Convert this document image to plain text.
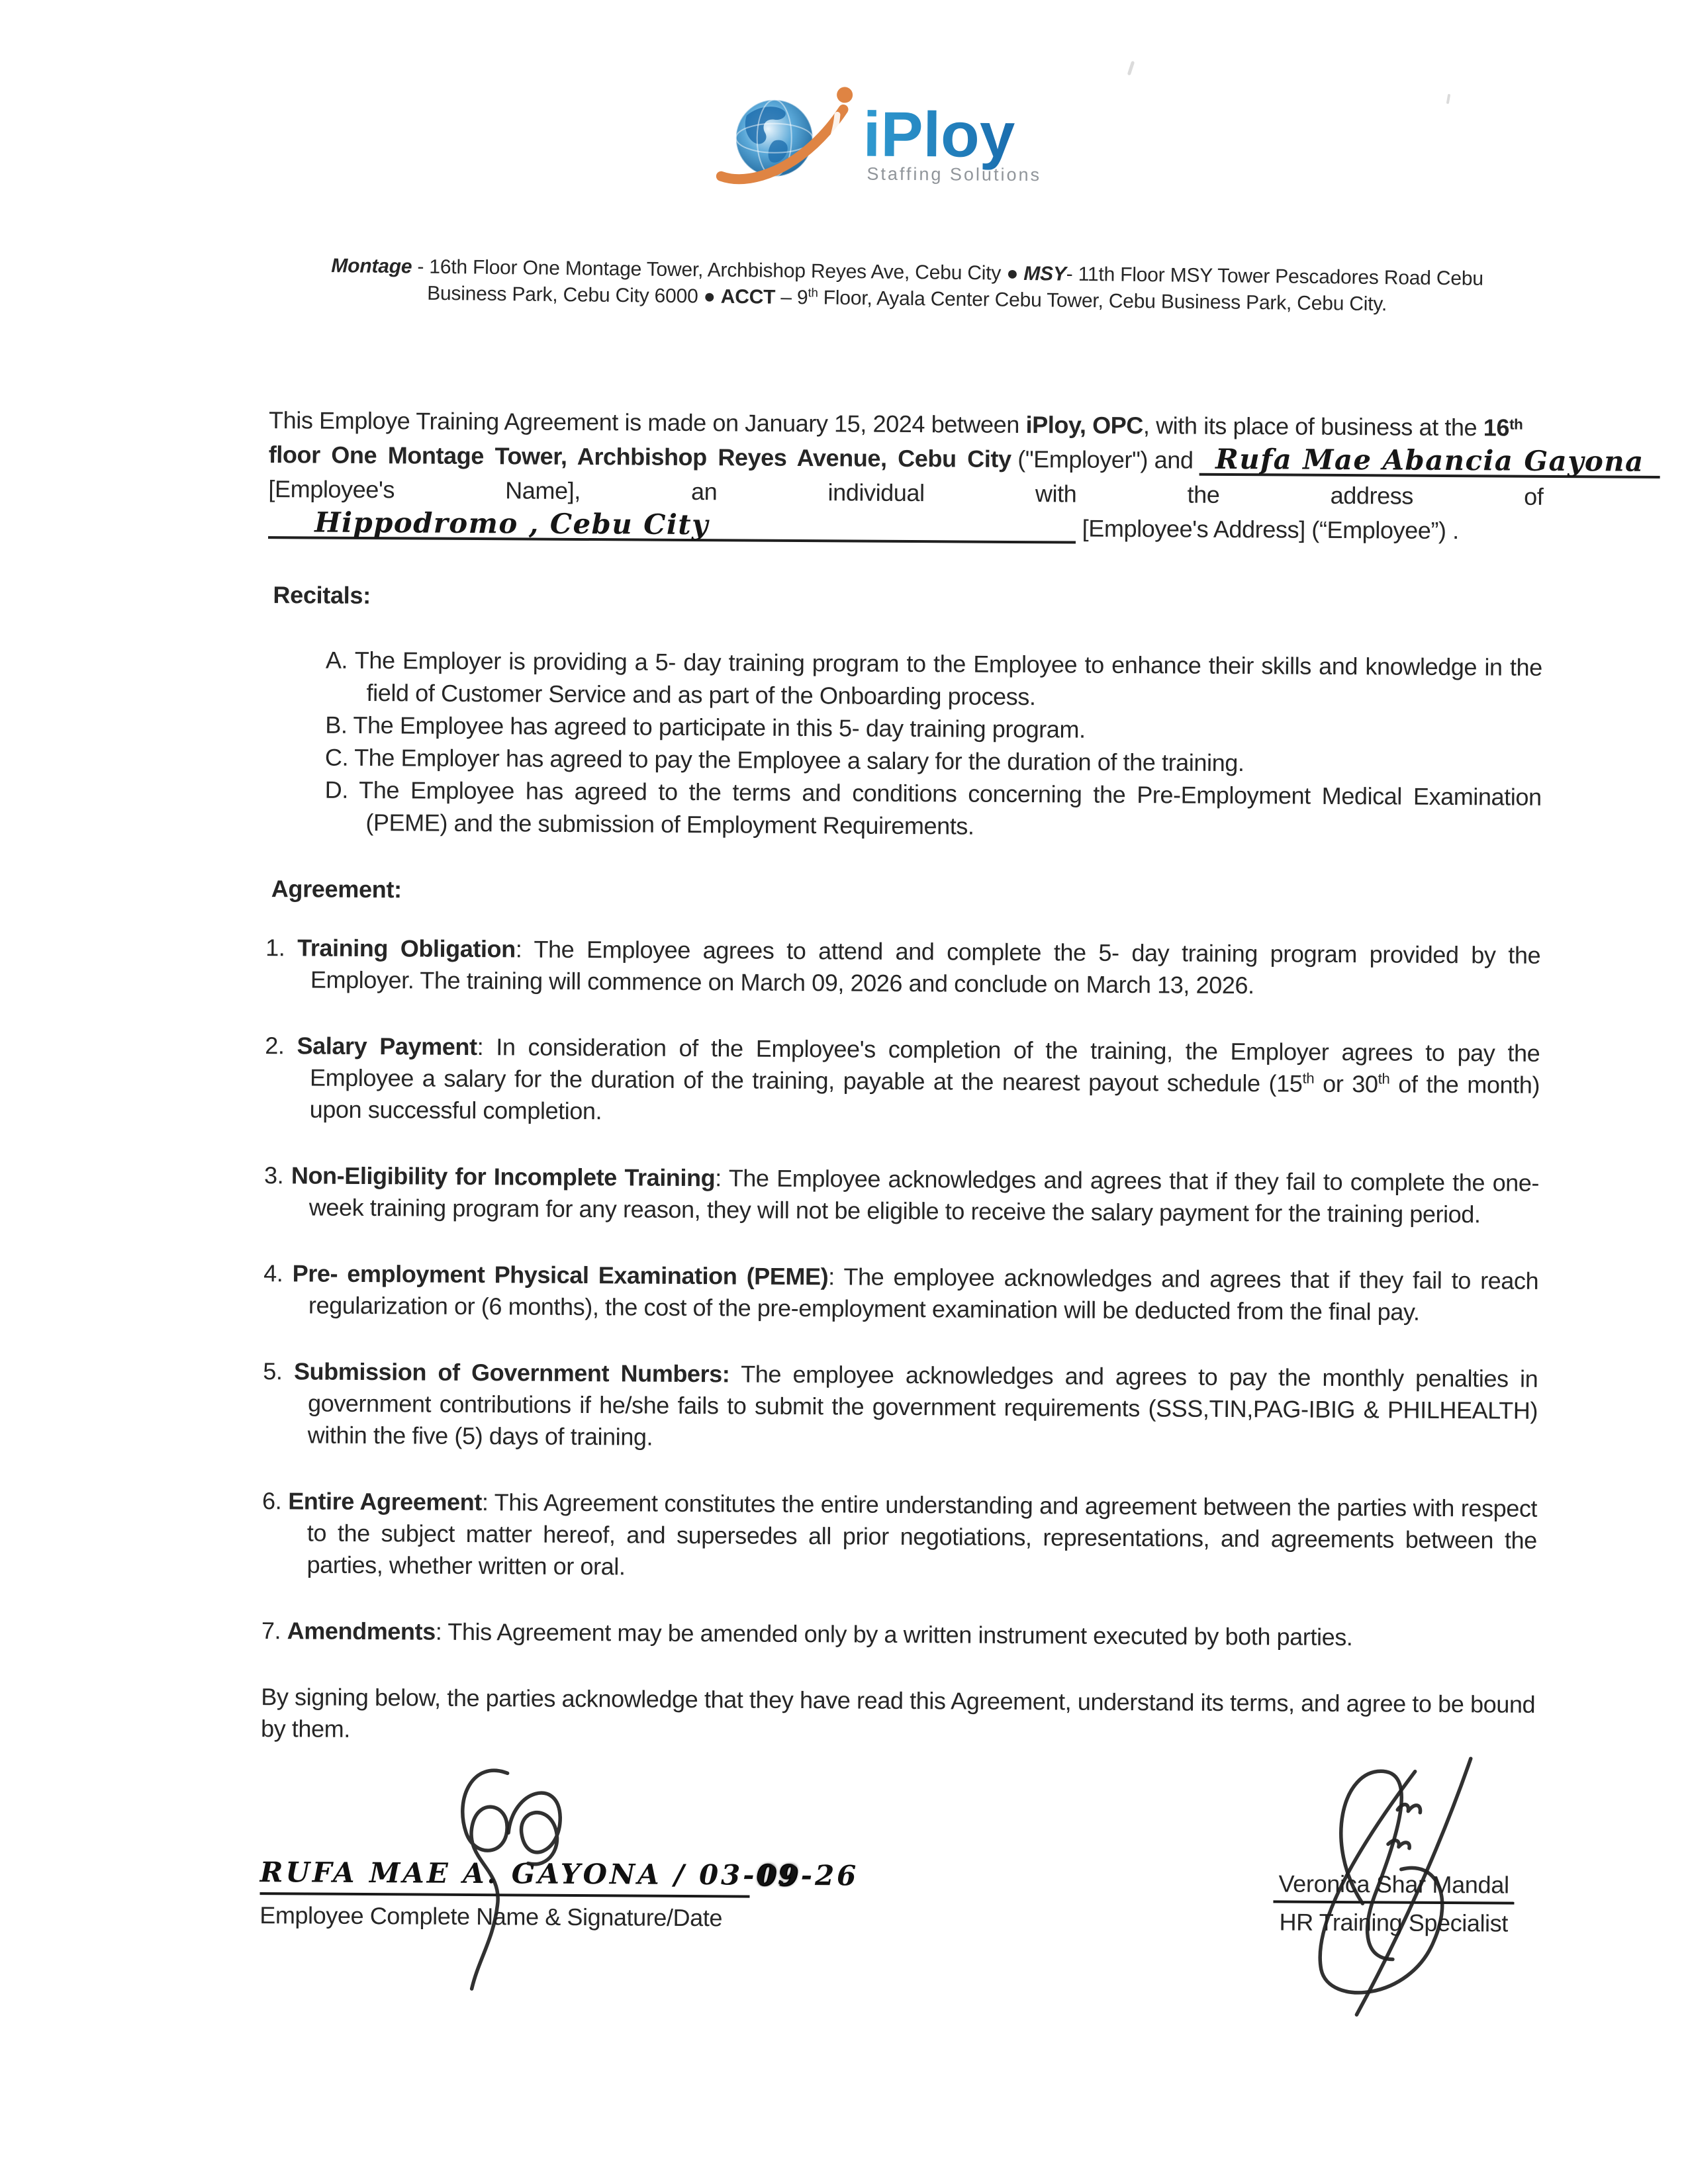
iPloy
Staffing Solutions

Montage - 16th Floor One Montage Tower, Archbishop Reyes Ave, Cebu City ● MSY- 11th Floor MSY Tower Pescadores Road Cebu Business Park, Cebu City 6000 ● ACCT – 9th Floor, Ayala Center Cebu Tower, Cebu Business Park, Cebu City.

This Employe Training Agreement is made on January 15, 2024 between iPloy, OPC , with its place of business at the 16 th
floor One Montage Tower, Archbishop Reyes Avenue, Cebu City ("Employer") and Rufa Mae Abancia Gayona
[Employee's	Name],	an	individual	with	the	address	of
Hippodromo , Cebu City	[Employee's Address] (“Employee”) .
Recitals:
A. The Employer is providing a 5- day training program to the Employee to enhance their skills and knowledge in the field of Customer Service and as part of the Onboarding process.
B. The Employee has agreed to participate in this 5- day training program.
C. The Employer has agreed to pay the Employee a salary for the duration of the training.
D. The Employee has agreed to the terms and conditions concerning the Pre-Employment Medical Examination (PEME) and the submission of Employment Requirements.
Agreement:
1. Training Obligation: The Employee agrees to attend and complete the 5- day training program provided by the Employer. The training will commence on March 09, 2026 and conclude on March 13, 2026.
2. Salary Payment: In consideration of the Employee's completion of the training, the Employer agrees to pay the Employee a salary for the duration of the training, payable at the nearest payout schedule (15th or 30th of the month) upon successful completion.
3. Non-Eligibility for Incomplete Training: The Employee acknowledges and agrees that if they fail to complete the one-week training program for any reason, they will not be eligible to receive the salary payment for the training period.
4. Pre- employment Physical Examination (PEME): The employee acknowledges and agrees that if they fail to reach regularization or (6 months), the cost of the pre-employment examination will be deducted from the final pay.
5. Submission of Government Numbers: The employee acknowledges and agrees to pay the monthly penalties in government contributions if he/she fails to submit the government requirements (SSS,TIN,PAG-IBIG & PHILHEALTH) within the five (5) days of training.
6. Entire Agreement: This Agreement constitutes the entire understanding and agreement between the parties with respect to the subject matter hereof, and supersedes all prior negotiations, representations, and agreements between the parties, whether written or oral.
7. Amendments: This Agreement may be amended only by a written instrument executed by both parties.

By signing below, the parties acknowledge that they have read this Agreement, understand its terms, and agree to be bound by them.

RUFA MAE A. GAYONA / 03-09-26
Employee Complete Name & Signature/Date
Veronica Shar Mandal
HR Training Specialist
